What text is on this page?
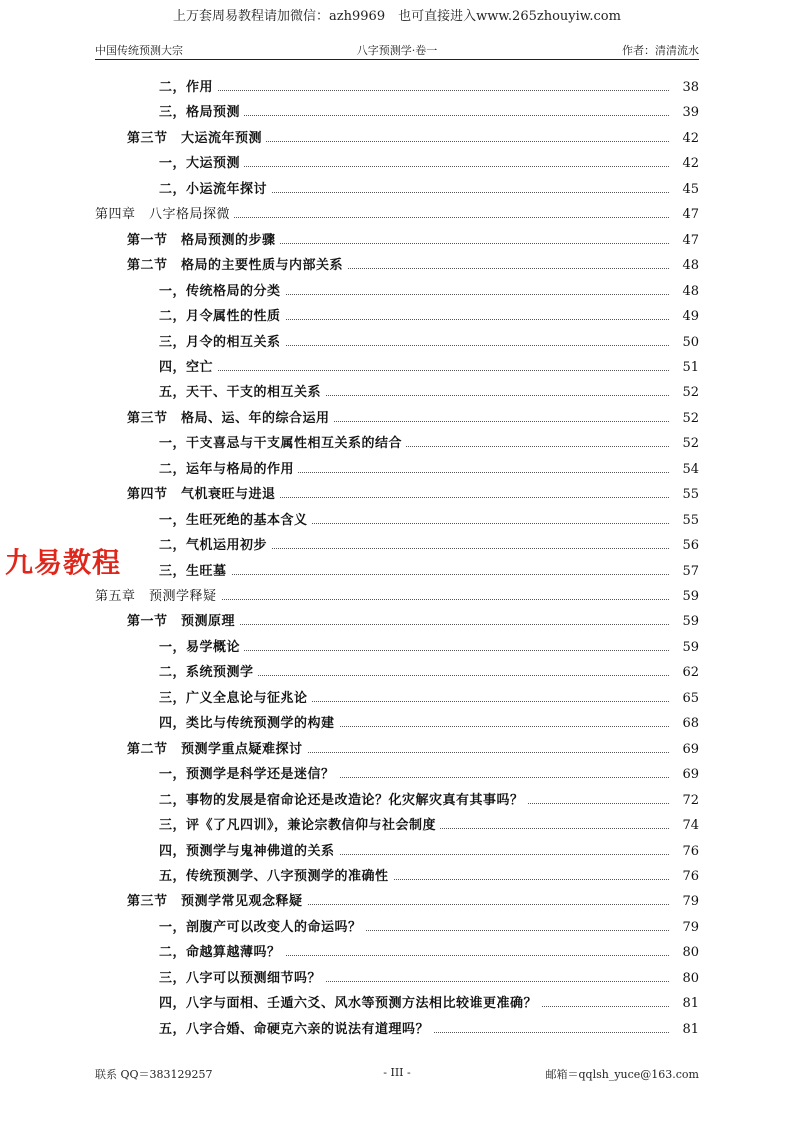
上万套周易教程请加微信：azh9969　也可直接进入www.265zhouyiw.com
中国传统预测大宗	八字预测学·卷一	作者：清清流水
二，作用	38
三，格局预测	39
第三节　大运流年预测	42
一，大运预测	42
二，小运流年探讨	45
第四章　八字格局探微	47
第一节　格局预测的步骤	47
第二节　格局的主要性质与内部关系	48
一，传统格局的分类	48
二，月令属性的性质	49
三，月令的相互关系	50
四，空亡	51
五，天干、干支的相互关系	52
第三节　格局、运、年的综合运用	52
一，干支喜忌与干支属性相互关系的结合	52
二，运年与格局的作用	54
第四节　气机衰旺与进退	55
一，生旺死绝的基本含义	55
二，气机运用初步	56
三，生旺墓	57
第五章　预测学释疑	59
第一节　预测原理	59
一，易学概论	59
二，系统预测学	62
三，广义全息论与征兆论	65
四，类比与传统预测学的构建	68
第二节　预测学重点疑难探讨	69
一，预测学是科学还是迷信？	69
二，事物的发展是宿命论还是改造论？化灾解灾真有其事吗？	72
三，评《了凡四训》，兼论宗教信仰与社会制度	74
四，预测学与鬼神佛道的关系	76
五，传统预测学、八字预测学的准确性	76
第三节　预测学常见观念释疑	79
一，剖腹产可以改变人的命运吗？	79
二，命越算越薄吗？	80
三，八字可以预测细节吗？	80
四，八字与面相、壬遁六爻、风水等预测方法相比较谁更准确？	81
五，八字合婚、命硬克六亲的说法有道理吗？	81
九易教程
联系 QQ＝383129257	- III -	邮箱＝qqlsh_yuce@163.com
